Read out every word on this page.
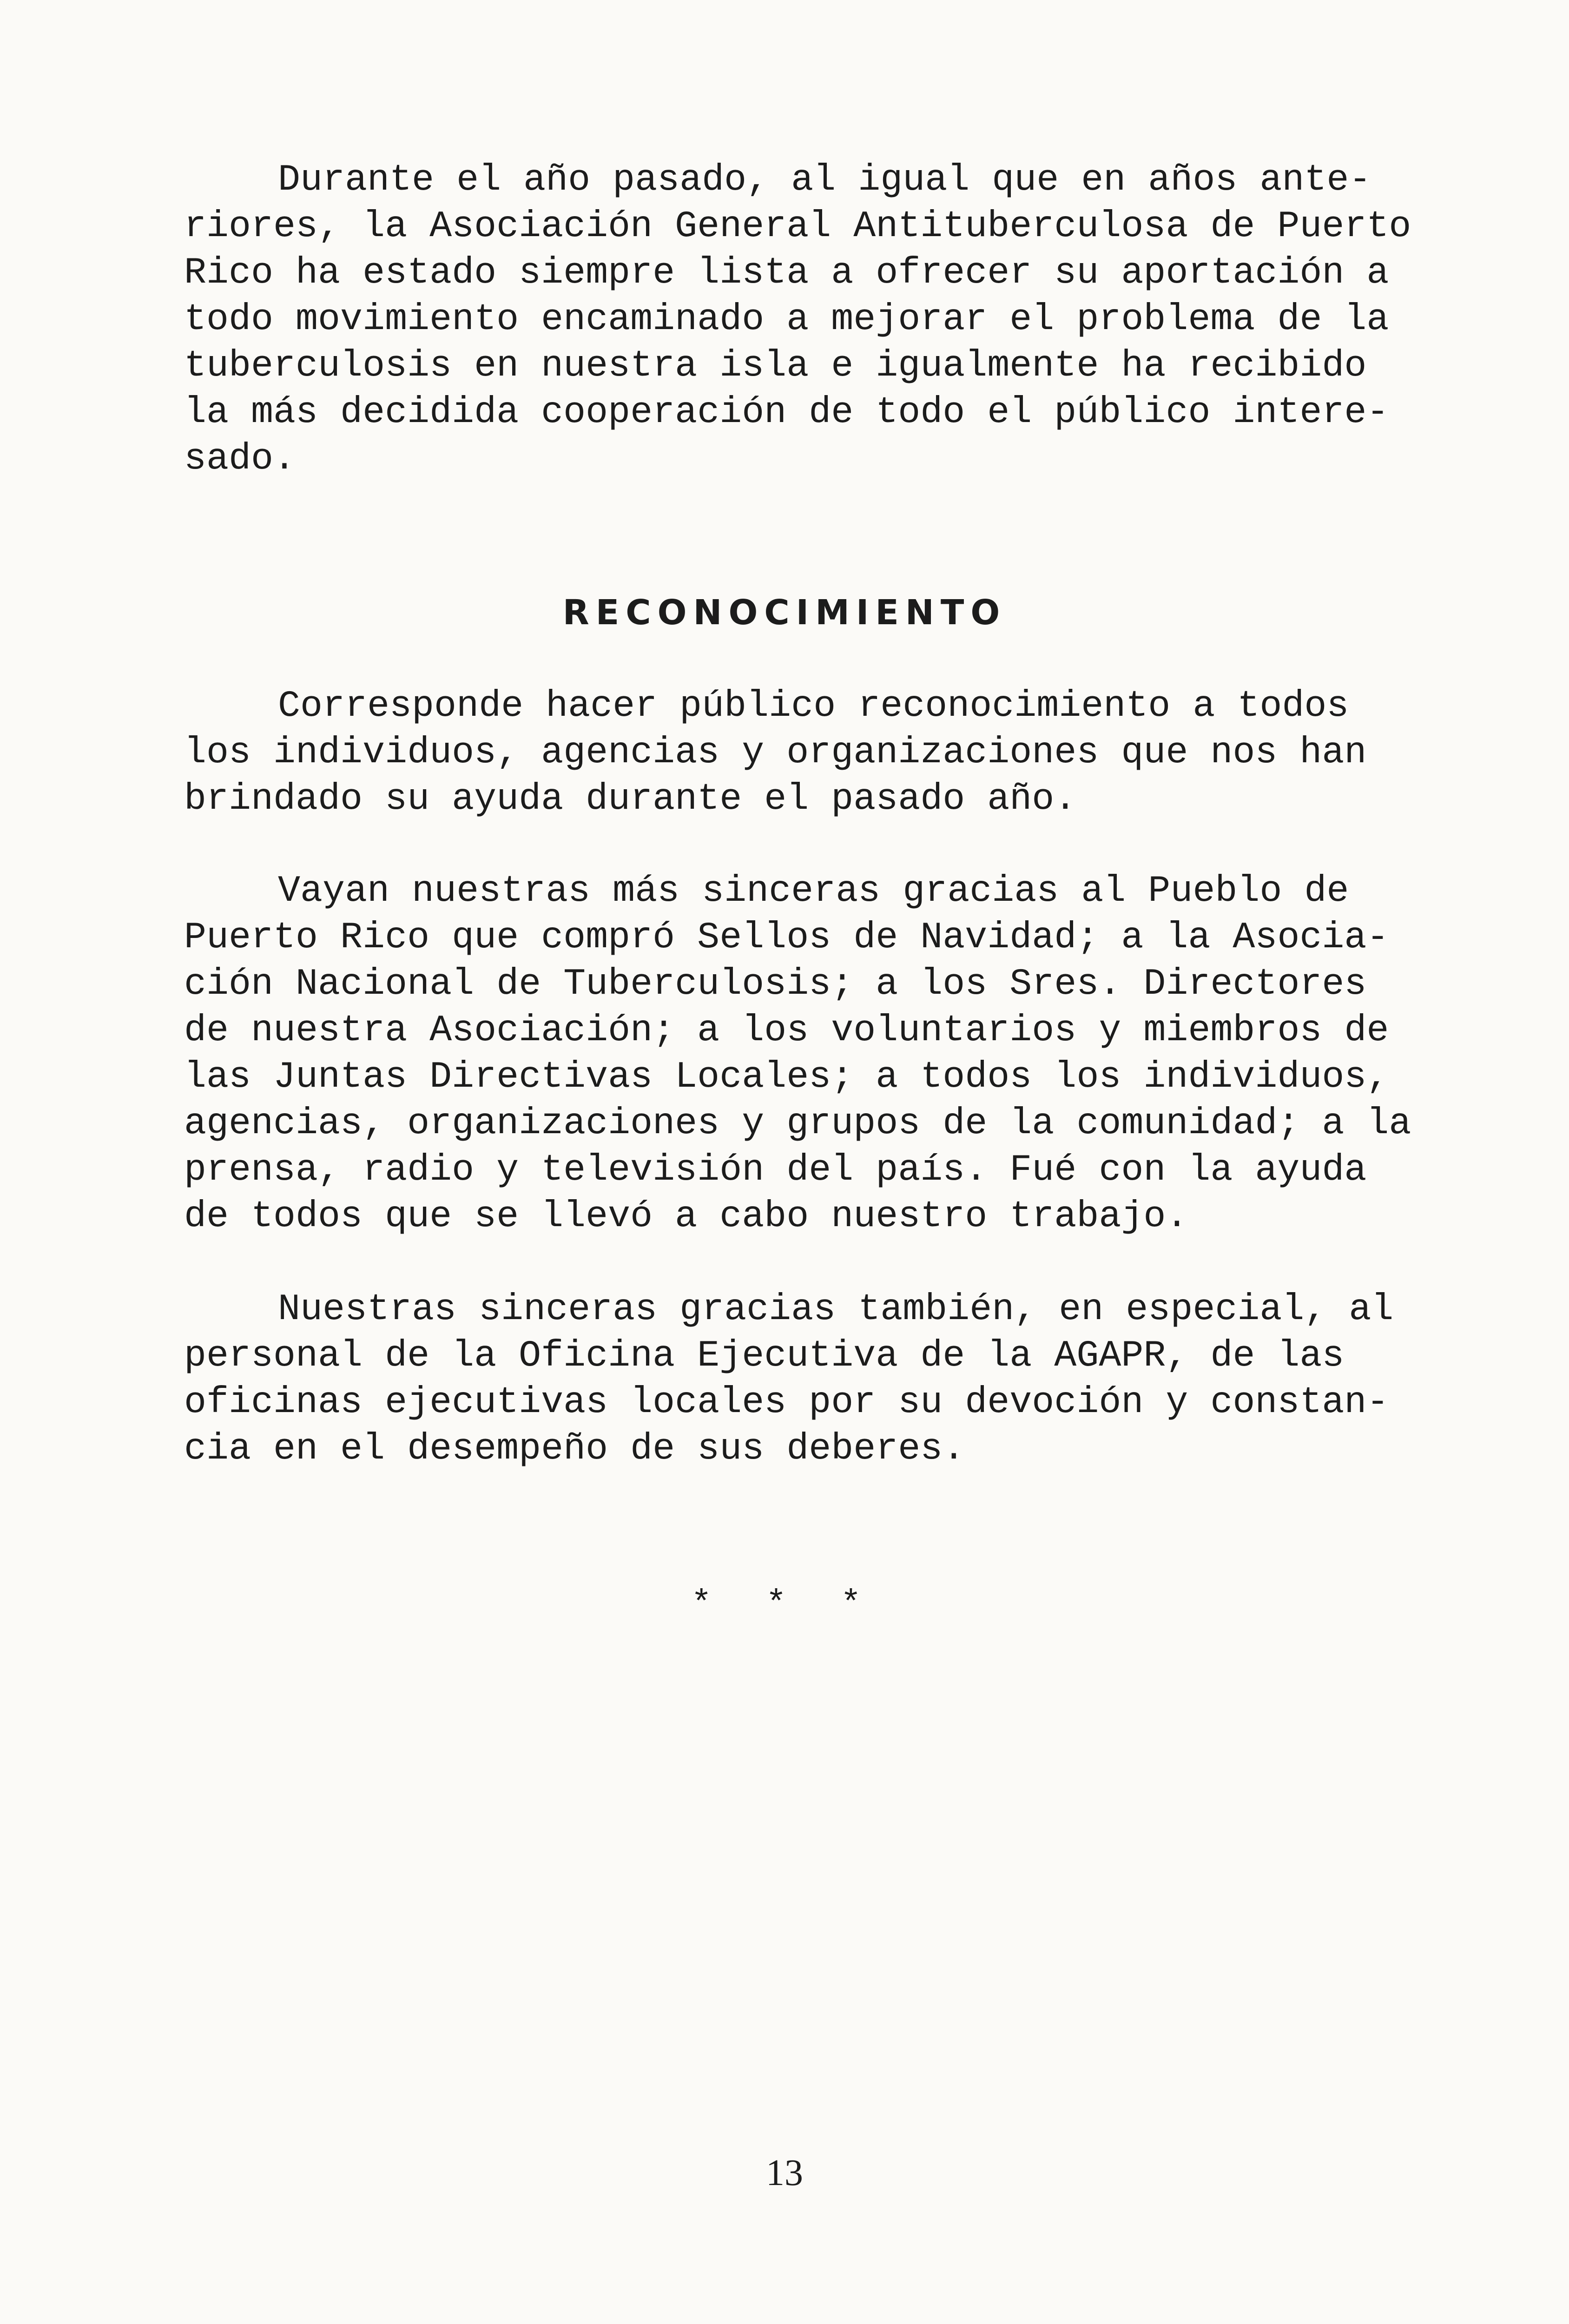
Durante el año pasado, al igual que en años ante-
riores, la Asociación General Antituberculosa de Puerto
Rico ha estado siempre lista a ofrecer su aportación a
todo movimiento encaminado a mejorar el problema de la
tuberculosis en nuestra isla e igualmente ha recibido
la más decidida cooperación de todo el público intere-
sado.
RECONOCIMIENTO
Corresponde hacer público reconocimiento a todos
los individuos, agencias y organizaciones que nos han
brindado su ayuda durante el pasado año.
Vayan nuestras más sinceras gracias al Pueblo de
Puerto Rico que compró Sellos de Navidad; a la Asocia-
ción Nacional de Tuberculosis; a los Sres. Directores
de nuestra Asociación; a los voluntarios y miembros de
las Juntas Directivas Locales; a todos los individuos,
agencias, organizaciones y grupos de la comunidad; a la
prensa, radio y televisión del país. Fué con la ayuda
de todos que se llevó a cabo nuestro trabajo.
Nuestras sinceras gracias también, en especial, al
personal de la Oficina Ejecutiva de la AGAPR, de las
oficinas ejecutivas locales por su devoción y constan-
cia en el desempeño de sus deberes.
* * *
13
